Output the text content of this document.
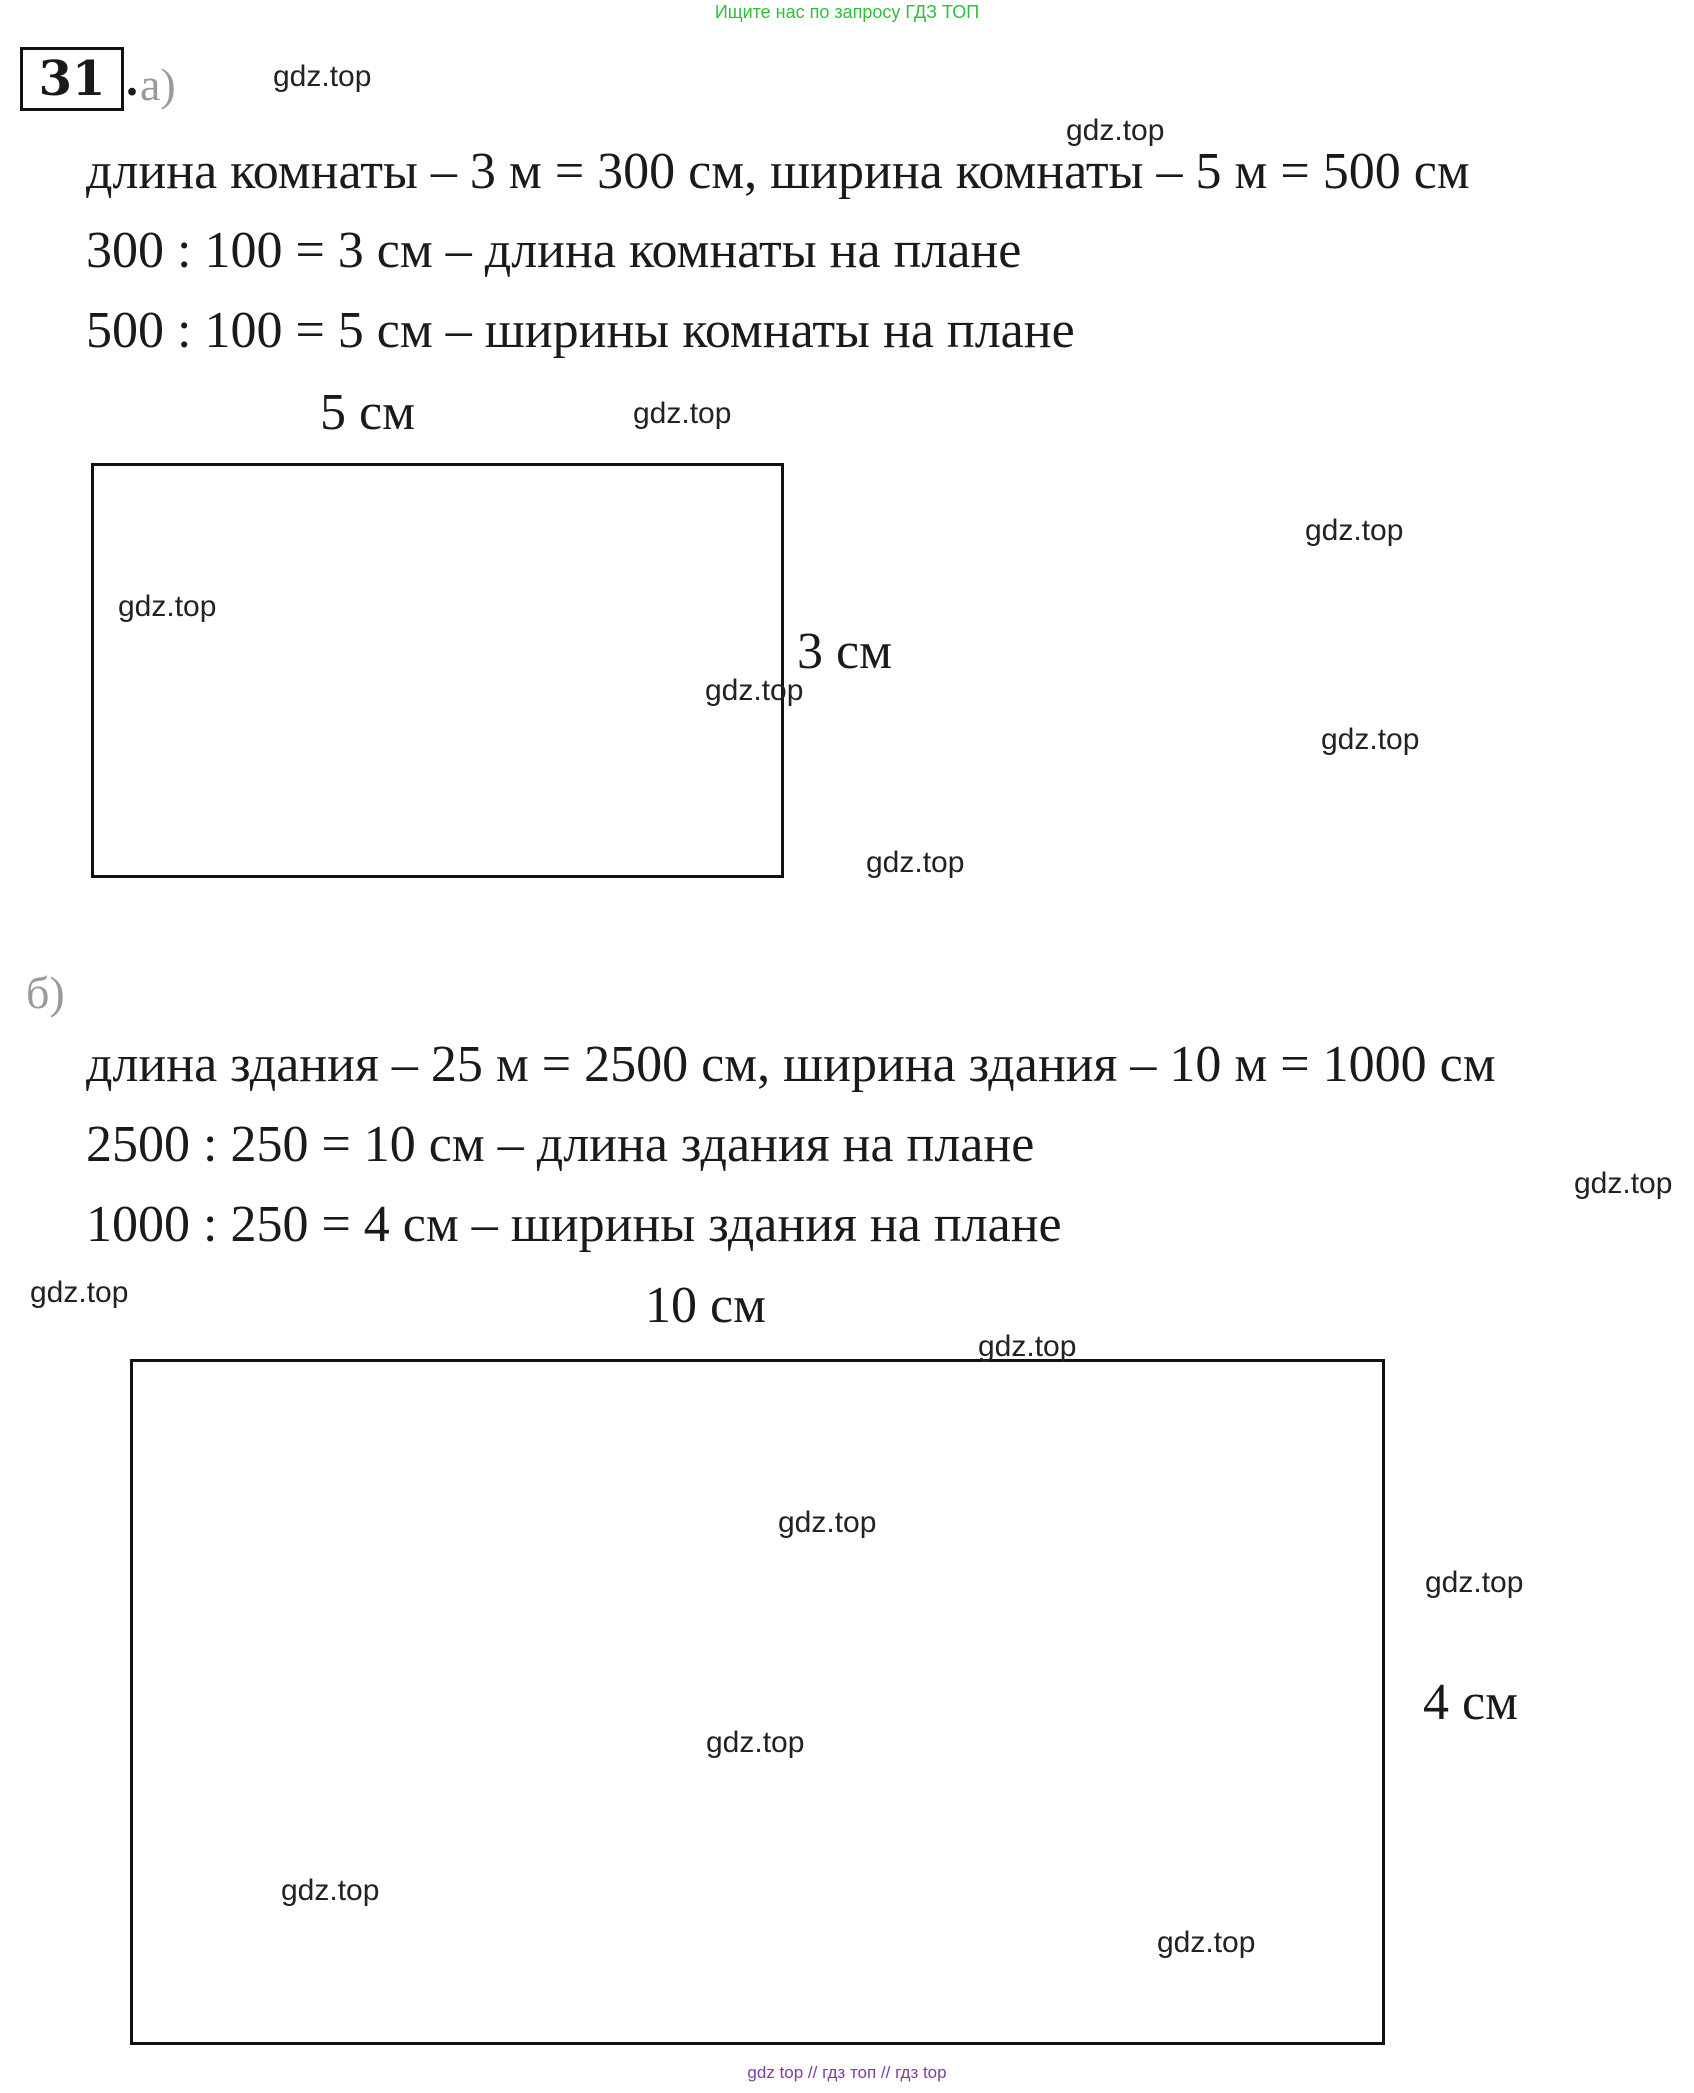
Ищите нас по запросу ГДЗ ТОП
31 . а)
длина комнаты – 3 м = 300 см, ширина комнаты – 5 м = 500 см
300 : 100 = 3 см – длина комнаты на плане
500 : 100 = 5 см – ширины комнаты на плане
5 см
3 см
б)
длина здания – 25 м = 2500 см, ширина здания – 10 м = 1000 см
2500 : 250 = 10 см – длина здания на плане
1000 : 250 = 4 см – ширины здания на плане
10 см
4 см
gdz.top
gdz.top
gdz.top
gdz.top
gdz.top
gdz.top
gdz.top
gdz.top
gdz.top
gdz.top
gdz.top
gdz.top
gdz.top
gdz.top
gdz.top
gdz.top
gdz top // гдз топ // гдз top
